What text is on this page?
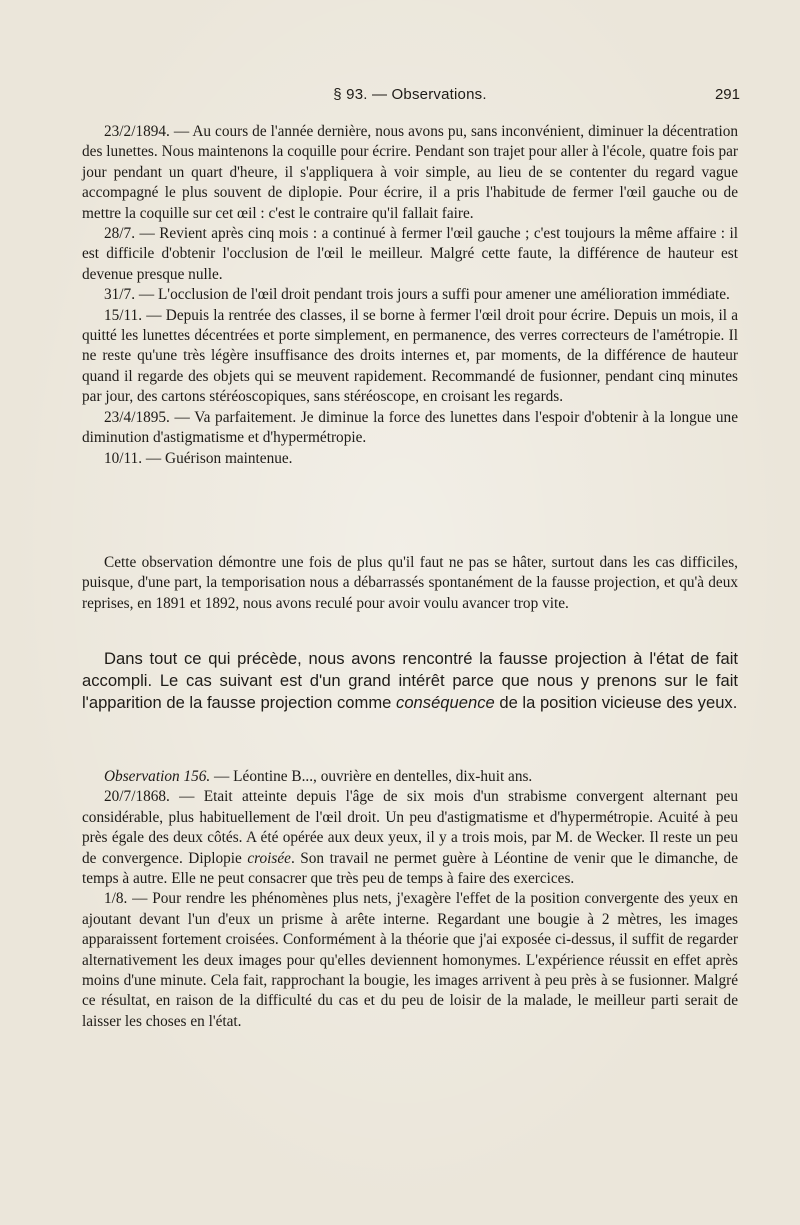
§ 93. — Observations.	291

23/2/1894. — Au cours de l'année dernière, nous avons pu, sans inconvénient, diminuer la décentration des lunettes. Nous maintenons la coquille pour écrire. Pendant son trajet pour aller à l'école, quatre fois par jour pendant un quart d'heure, il s'appliquera à voir simple, au lieu de se contenter du regard vague accompagné le plus souvent de diplopie. Pour écrire, il a pris l'habitude de fermer l'œil gauche ou de mettre la coquille sur cet œil : c'est le contraire qu'il fallait faire.

28/7. — Revient après cinq mois : a continué à fermer l'œil gauche ; c'est toujours la même affaire : il est difficile d'obtenir l'occlusion de l'œil le meilleur. Malgré cette faute, la différence de hauteur est devenue presque nulle.

31/7. — L'occlusion de l'œil droit pendant trois jours a suffi pour amener une amélioration immédiate.

15/11. — Depuis la rentrée des classes, il se borne à fermer l'œil droit pour écrire. Depuis un mois, il a quitté les lunettes décentrées et porte simplement, en permanence, des verres correcteurs de l'amétropie. Il ne reste qu'une très légère insuffisance des droits internes et, par moments, de la différence de hauteur quand il regarde des objets qui se meuvent rapidement. Recommandé de fusionner, pendant cinq minutes par jour, des cartons stéréoscopiques, sans stéréoscope, en croisant les regards.

23/4/1895. — Va parfaitement. Je diminue la force des lunettes dans l'espoir d'obtenir à la longue une diminution d'astigmatisme et d'hypermétropie.

10/11. — Guérison maintenue.

Cette observation démontre une fois de plus qu'il faut ne pas se hâter, surtout dans les cas difficiles, puisque, d'une part, la temporisation nous a débarrassés spontanément de la fausse projection, et qu'à deux reprises, en 1891 et 1892, nous avons reculé pour avoir voulu avancer trop vite.

Dans tout ce qui précède, nous avons rencontré la fausse projection à l'état de fait accompli. Le cas suivant est d'un grand intérêt parce que nous y prenons sur le fait l'apparition de la fausse projection comme conséquence de la position vicieuse des yeux.

Observation 156. — Léontine B..., ouvrière en dentelles, dix-huit ans.

20/7/1868. — Etait atteinte depuis l'âge de six mois d'un strabisme convergent alternant peu considérable, plus habituellement de l'œil droit. Un peu d'astigmatisme et d'hypermétropie. Acuité à peu près égale des deux côtés. A été opérée aux deux yeux, il y a trois mois, par M. de Wecker. Il reste un peu de convergence. Diplopie croisée. Son travail ne permet guère à Léontine de venir que le dimanche, de temps à autre. Elle ne peut consacrer que très peu de temps à faire des exercices.

1/8. — Pour rendre les phénomènes plus nets, j'exagère l'effet de la position convergente des yeux en ajoutant devant l'un d'eux un prisme à arête interne. Regardant une bougie à 2 mètres, les images apparaissent fortement croisées. Conformément à la théorie que j'ai exposée ci-dessus, il suffit de regarder alternativement les deux images pour qu'elles deviennent homonymes. L'expérience réussit en effet après moins d'une minute. Cela fait, rapprochant la bougie, les images arrivent à peu près à se fusionner. Malgré ce résultat, en raison de la difficulté du cas et du peu de loisir de la malade, le meilleur parti serait de laisser les choses en l'état.
